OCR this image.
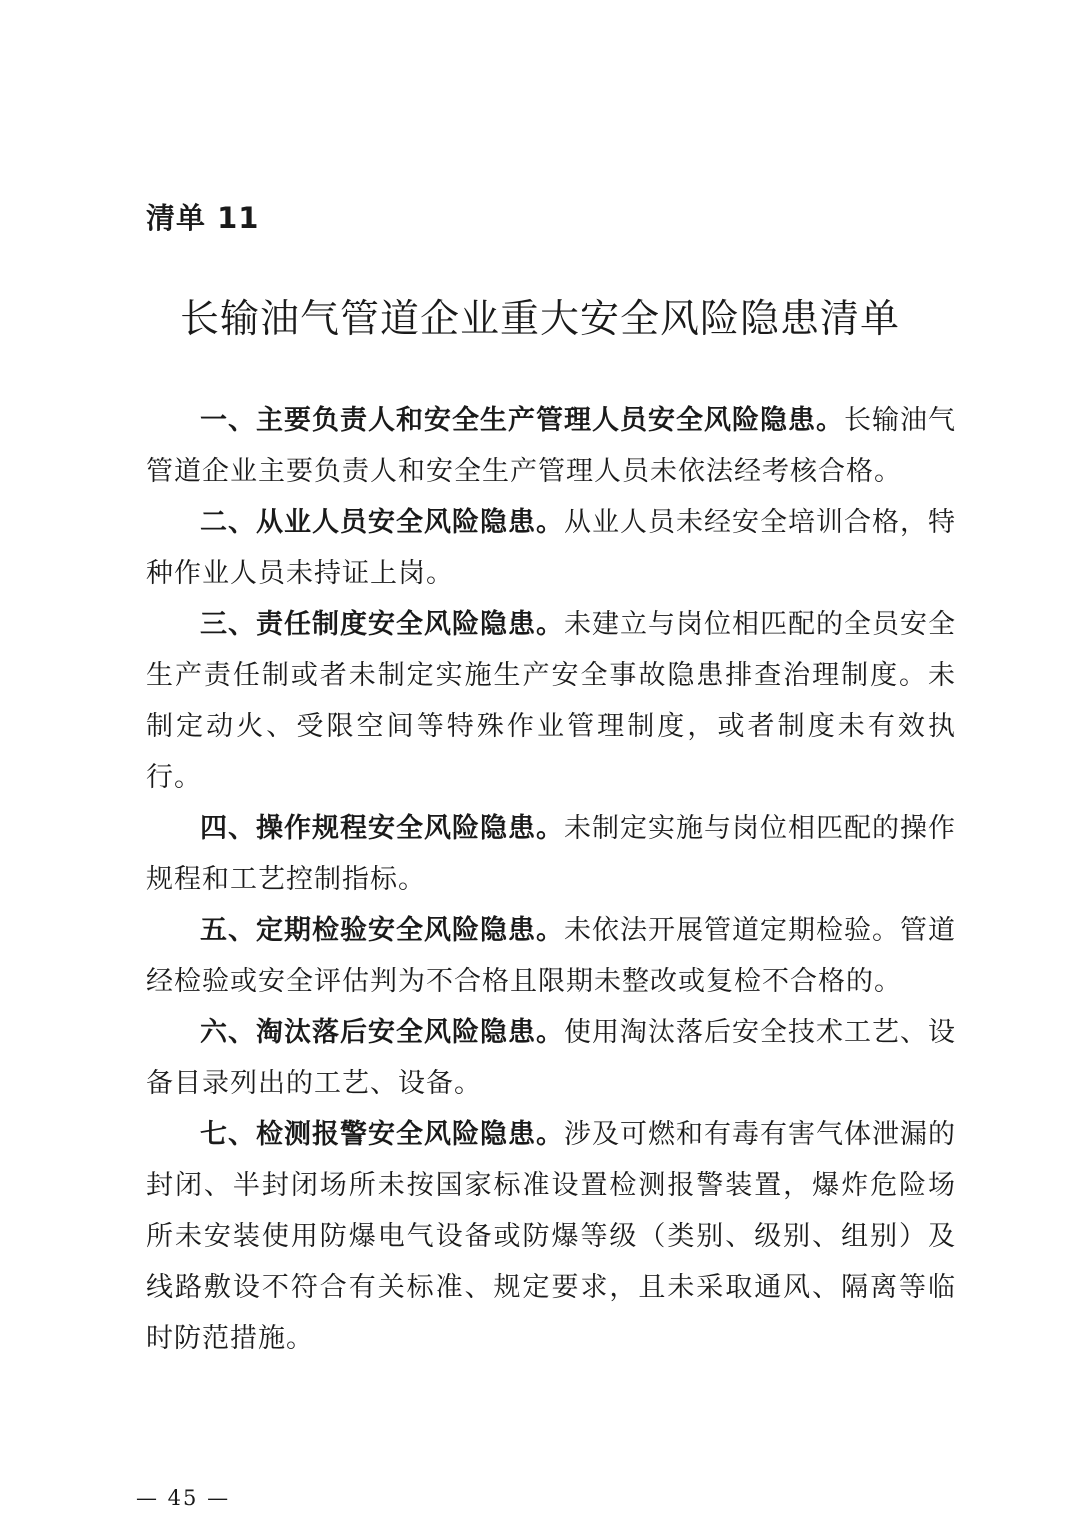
清单 11
长输油气管道企业重大安全风险隐患清单

一、主要负责人和安全生产管理人员安全风险隐患。长输油气管道企业主要负责人和安全生产管理人员未依法经考核合格。

二、从业人员安全风险隐患。从业人员未经安全培训合格，特种作业人员未持证上岗。

三、责任制度安全风险隐患。未建立与岗位相匹配的全员安全生产责任制或者未制定实施生产安全事故隐患排查治理制度。未制定动火、受限空间等特殊作业管理制度，或者制度未有效执行。

四、操作规程安全风险隐患。未制定实施与岗位相匹配的操作规程和工艺控制指标。

五、定期检验安全风险隐患。未依法开展管道定期检验。管道经检验或安全评估判为不合格且限期未整改或复检不合格的。

六、淘汰落后安全风险隐患。使用淘汰落后安全技术工艺、设备目录列出的工艺、设备。

七、检测报警安全风险隐患。涉及可燃和有毒有害气体泄漏的封闭、半封闭场所未按国家标准设置检测报警装置，爆炸危险场所未安装使用防爆电气设备或防爆等级（类别、级别、组别）及线路敷设不符合有关标准、规定要求，且未采取通风、隔离等临时防范措施。

— 45 —
